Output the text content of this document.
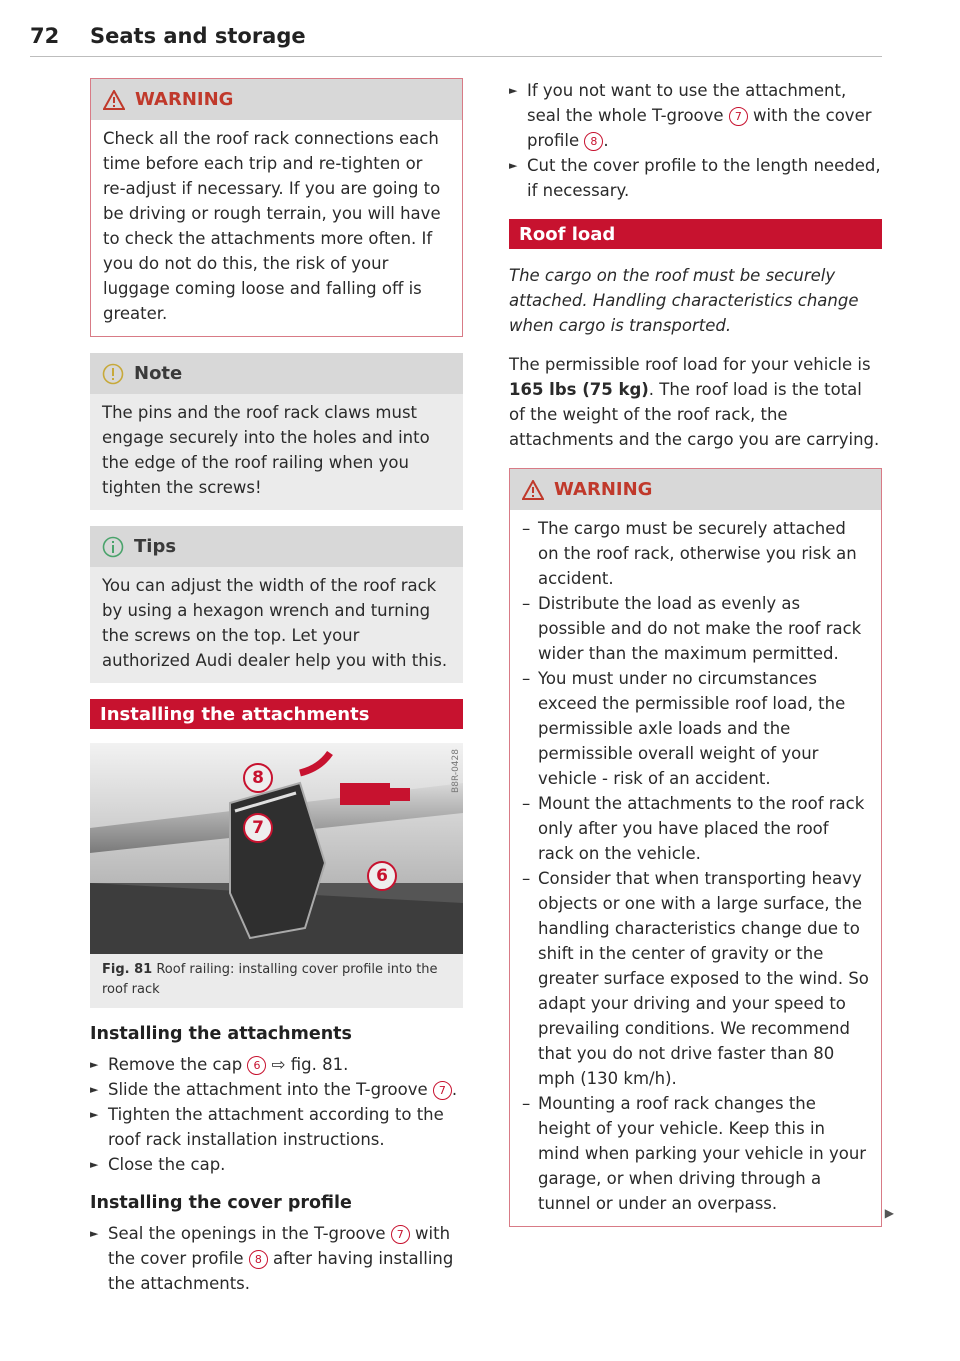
72 Seats and storage
WARNING

Check all the roof rack connections each time before each trip and re-tighten or re-adjust if necessary. If you are going to be driving or rough terrain, you will have to check the attachments more often. If you do not do this, the risk of your luggage coming loose and falling off is greater.

Note

The pins and the roof rack claws must engage securely into the holes and into the edge of the roof railing when you tighten the screws!

Tips

You can adjust the width of the roof rack by using a hexagon wrench and turning the screws on the top. Let your authorized Audi dealer help you with this.

Installing the attachments
B8R-0428
8
7
6
Fig. 81 Roof railing: installing cover profile into the roof rack
Installing the attachments
► Remove the cap 6 ⇨ fig. 81.
► Slide the attachment into the T-groove 7 .
► Tighten the attachment according to the roof rack installation instructions.
► Close the cap.
Installing the cover profile
► Seal the openings in the T-groove 7 with the cover profile 8 after having installing the attachments.
► If you not want to use the attachment, seal the whole T-groove 7 with the cover profile 8 .
► Cut the cover profile to the length needed, if necessary.
Roof load

The cargo on the roof must be securely attached. Handling characteristics change when cargo is transported.

The permissible roof load for your vehicle is 165 lbs (75 kg). The roof load is the total of the weight of the roof rack, the attachments and the cargo you are carrying.

WARNING
– The cargo must be securely attached on the roof rack, otherwise you risk an accident.
– Distribute the load as evenly as possible and do not make the roof rack wider than the maximum permitted.
– You must under no circumstances exceed the permissible roof load, the permissible axle loads and the permissible overall weight of your vehicle - risk of an accident.
– Mount the attachments to the roof rack only after you have placed the roof rack on the vehicle.
– Consider that when transporting heavy objects or one with a large surface, the handling characteristics change due to shift in the center of gravity or the greater surface exposed to the wind. So adapt your driving and your speed to prevailing conditions. We recommend that you do not drive faster than 80 mph (130 km/h).
– Mounting a roof rack changes the height of your vehicle. Keep this in mind when parking your vehicle in your garage, or when driving through a tunnel or under an overpass.	▶
